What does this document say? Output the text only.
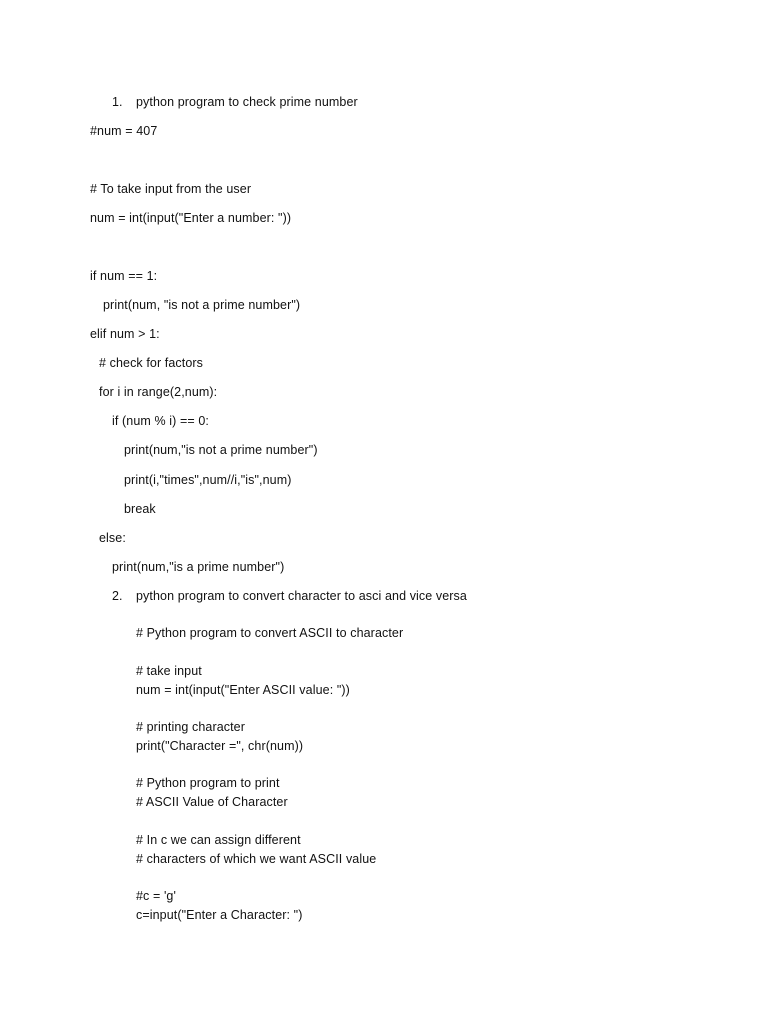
1. python program to check prime number
#num = 407
# To take input from the user
num = int(input("Enter a number: "))
if num == 1:
print(num, "is not a prime number")
elif num > 1:
# check for factors
for i in range(2,num):
if (num % i) == 0:
print(num,"is not a prime number")
print(i,"times",num//i,"is",num)
break
else:
print(num,"is a prime number")
2. python program to convert character to asci and vice versa
# Python program to convert ASCII to character
# take input
num = int(input("Enter ASCII value: "))
# printing character
print("Character =", chr(num))
# Python program to print
# ASCII Value of Character
# In c we can assign different
# characters of which we want ASCII value
#c = 'g'
c=input("Enter a Character: ")
